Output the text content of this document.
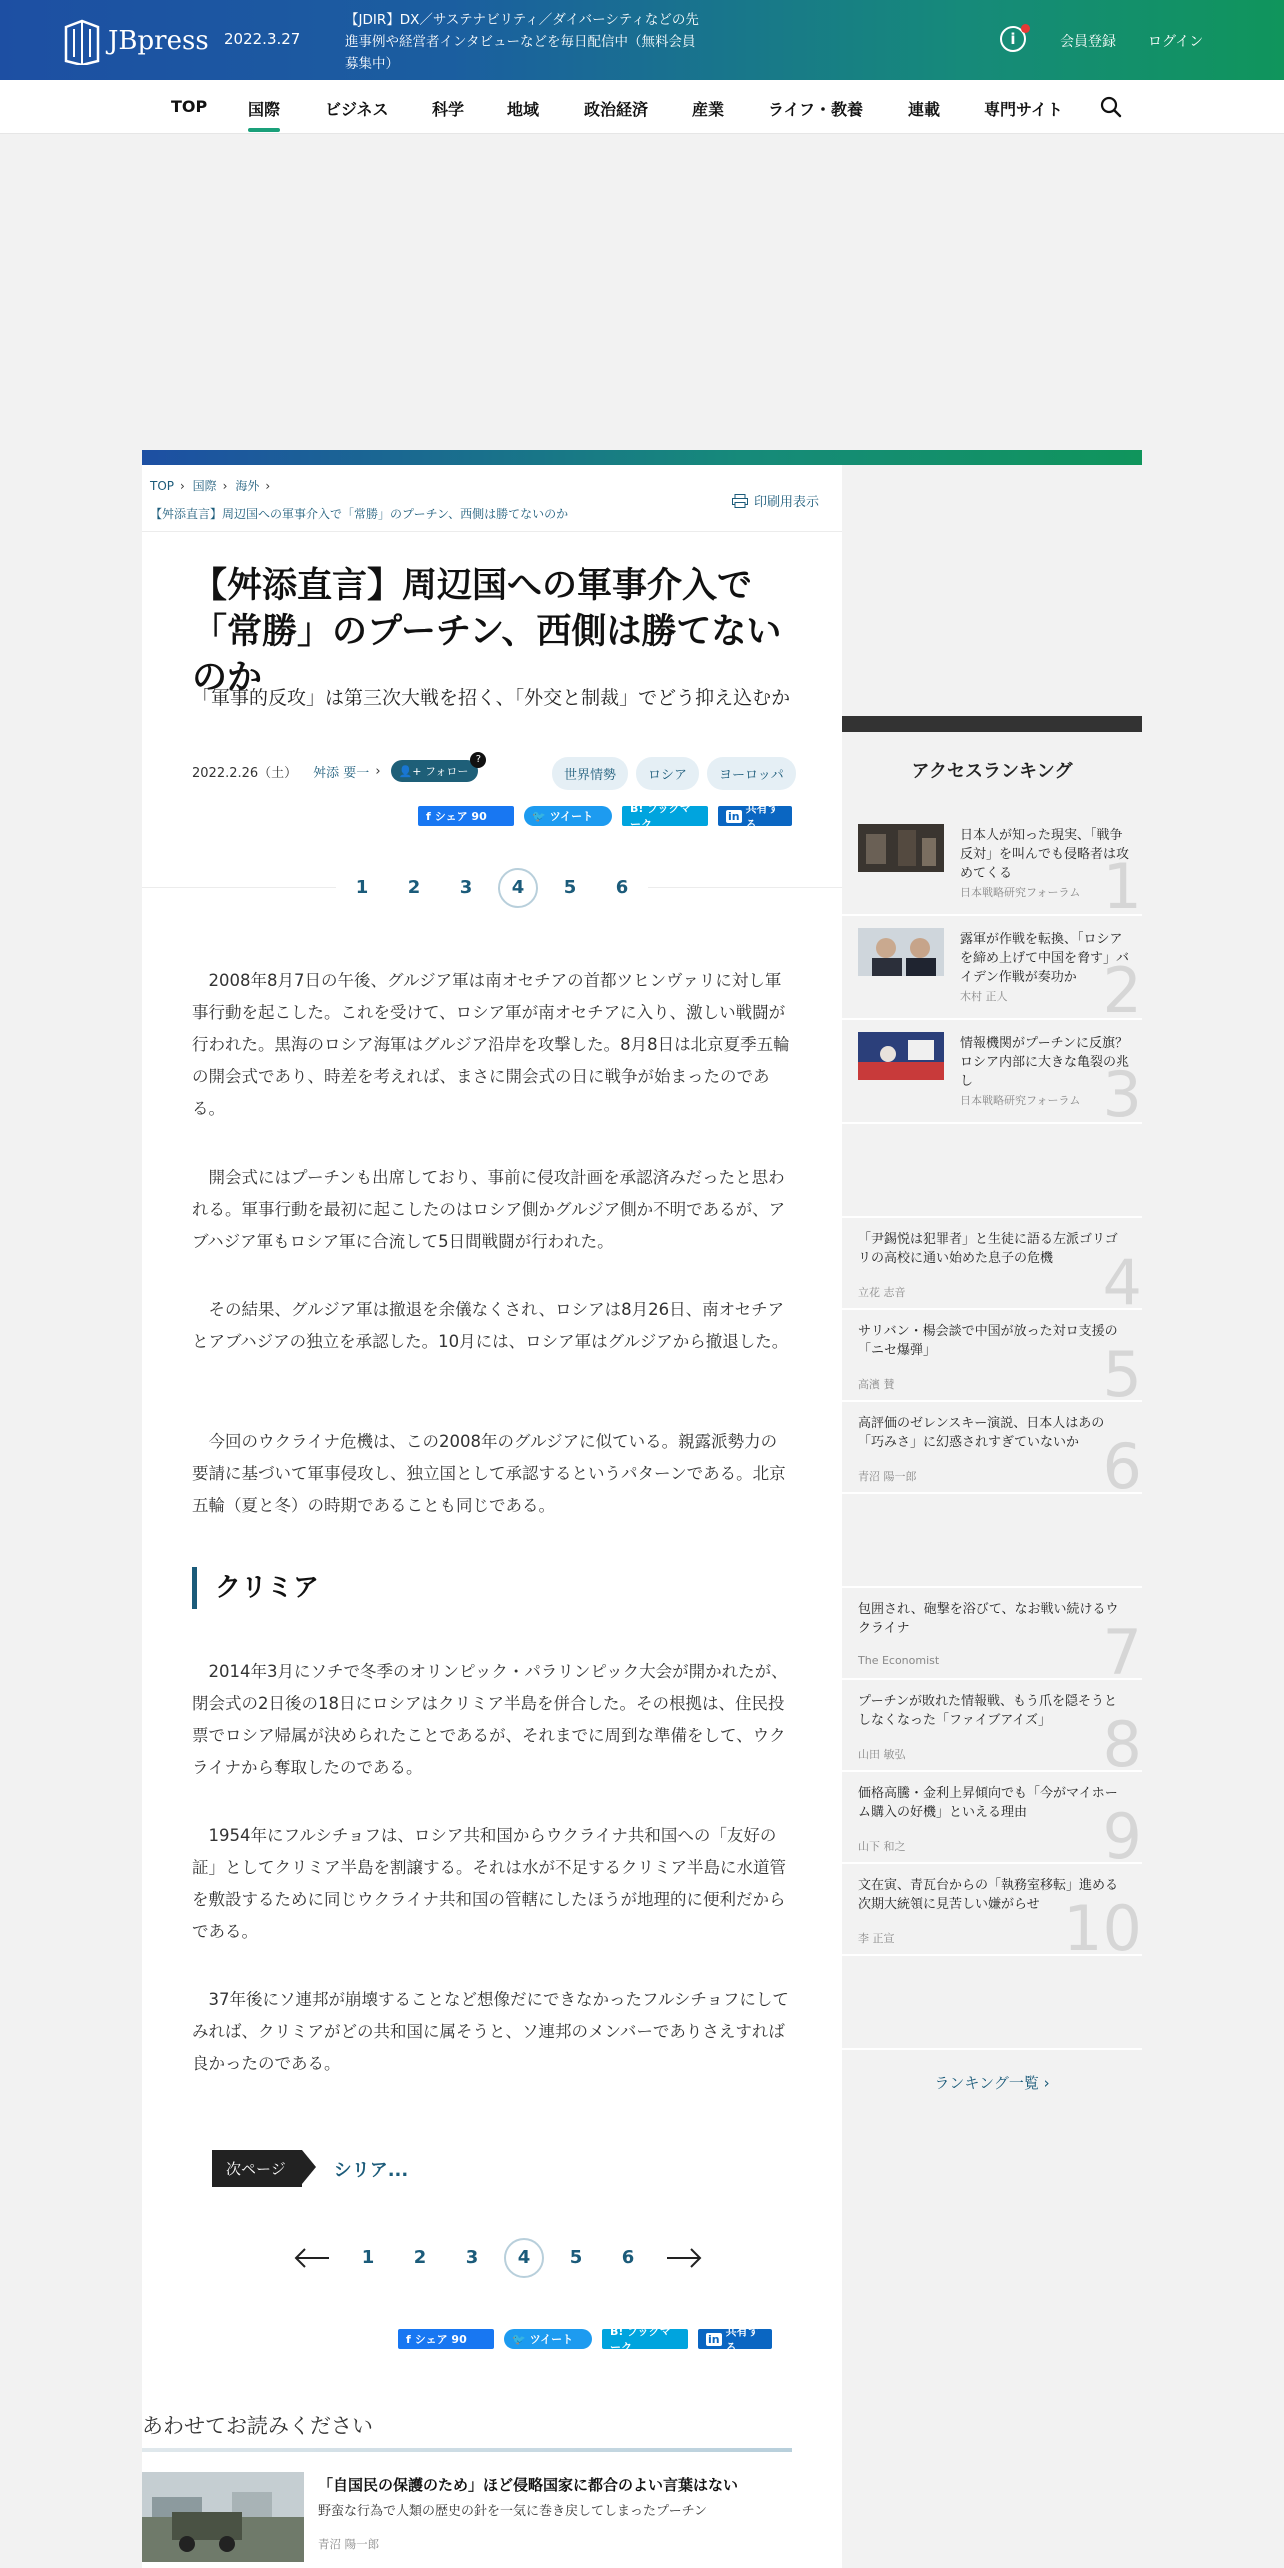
JBpress 2022.3.27
【JDIR】DX／サステナビリティ／ダイバーシティなどの先進事例や経営者インタビューなどを毎日配信中（無料会員募集中）
i	会員登録 ログイン
TOP	国際	ビジネス	科学	地域	政治経済	産業	ライフ・教養	連載	専門サイト
TOP › 国際 › 海外 ›
【舛添直言】周辺国への軍事介入で「常勝」のプーチン、西側は勝てないのか
印刷用表示
【舛添直言】周辺国への軍事介入で「常勝」のプーチン、西側は勝てないのか
「軍事的反攻」は第三次大戦を招く、「外交と制裁」でどう抑え込むか
2022.2.26（土） 舛添 要一 ›	👤+ フォロー
?
世界情勢	ロシア	ヨーロッパ
f シェア
90	🐦 ツイート
B! ブックマーク
in
共有する
1	2	3	4	5	6

2008年8月7日の午後、グルジア軍は南オセチアの首都ツヒンヴァリに対し軍事行動を起こした。これを受けて、ロシア軍が南オセチアに入り、激しい戦闘が行われた。黒海のロシア海軍はグルジア沿岸を攻撃した。8月8日は北京夏季五輪の開会式であり、時差を考えれば、まさに開会式の日に戦争が始まったのである。

開会式にはプーチンも出席しており、事前に侵攻計画を承認済みだったと思われる。軍事行動を最初に起こしたのはロシア側かグルジア側か不明であるが、アブハジア軍もロシア軍に合流して5日間戦闘が行われた。

その結果、グルジア軍は撤退を余儀なくされ、ロシアは8月26日、南オセチアとアブハジアの独立を承認した。10月には、ロシア軍はグルジアから撤退した。

今回のウクライナ危機は、この2008年のグルジアに似ている。親露派勢力の要請に基づいて軍事侵攻し、独立国として承認するというパターンである。北京五輪（夏と冬）の時期であることも同じである。

クリミア

2014年3月にソチで冬季のオリンピック・パラリンピック大会が開かれたが、閉会式の2日後の18日にロシアはクリミア半島を併合した。その根拠は、住民投票でロシア帰属が決められたことであるが、それまでに周到な準備をして、ウクライナから奪取したのである。

1954年にフルシチョフは、ロシア共和国からウクライナ共和国への「友好の証」としてクリミア半島を割譲する。それは水が不足するクリミア半島に水道管を敷設するために同じウクライナ共和国の管轄にしたほうが地理的に便利だからである。

37年後にソ連邦が崩壊することなど想像だにできなかったフルシチョフにしてみれば、クリミアがどの共和国に属そうと、ソ連邦のメンバーでありさえすれば良かったのである。

次ページ	シリア...
1	2	3	4	5	6
f シェア
90	🐦 ツイート
B! ブックマーク
in
共有する
あわせてお読みください
「自国民の保護のため」ほど侵略国家に都合のよい言葉はない
野蛮な行為で人類の歴史の針を一気に巻き戻してしまったプーチン
青沼 陽一郎
アクセスランキング
日本人が知った現実、「戦争反対」を叫んでも侵略者は攻めてくる
日本戦略研究フォーラム 1
露軍が作戦を転換、「ロシアを締め上げて中国を脅す」バイデン作戦が奏功か
木村 正人 2
情報機関がプーチンに反旗？ロシア内部に大きな亀裂の兆し
日本戦略研究フォーラム 3
「尹錫悦は犯罪者」と生徒に語る左派ゴリゴリの高校に通い始めた息子の危機
立花 志音	4
サリバン・楊会談で中国が放った対ロ支援の「ニセ爆弾」
高濱 賛	5
高評価のゼレンスキー演説、日本人はあの「巧みさ」に幻惑されすぎていないか
青沼 陽一郎	6
包囲され、砲撃を浴びて、なお戦い続けるウクライナ
The Economist	7
プーチンが敗れた情報戦、もう爪を隠そうとしなくなった「ファイブアイズ」
山田 敏弘	8
価格高騰・金利上昇傾向でも「今がマイホーム購入の好機」といえる理由
山下 和之	9
文在寅、青瓦台からの「執務室移転」進める次期大統領に見苦しい嫌がらせ
李 正宣	10
ランキング一覧 ›
